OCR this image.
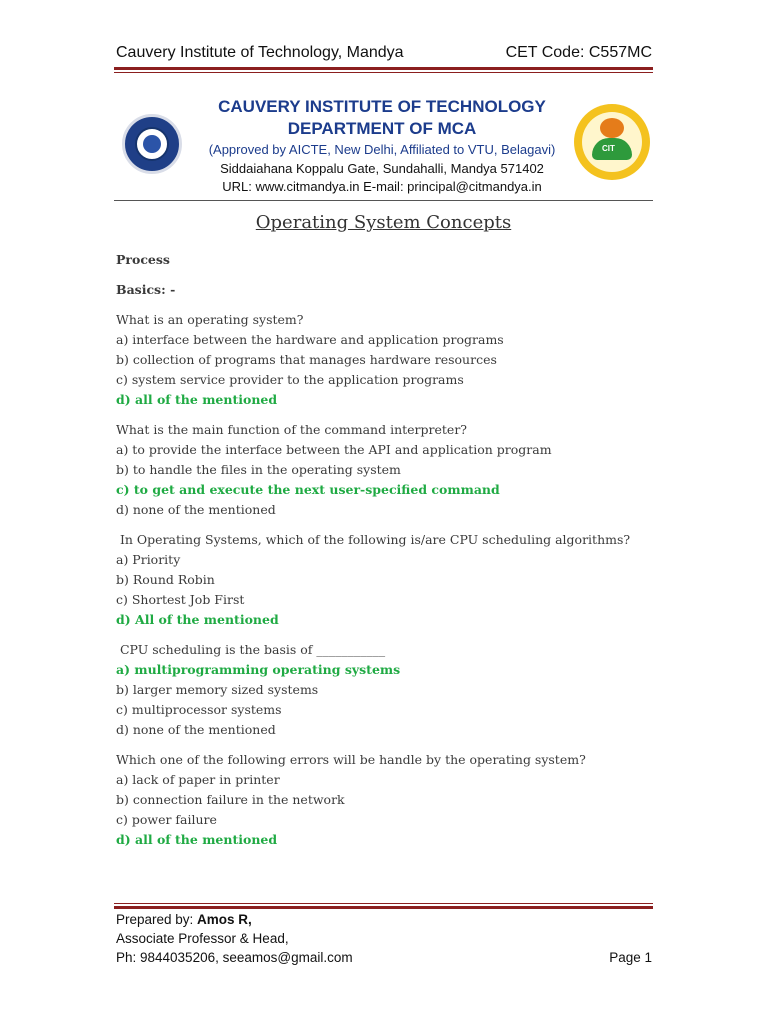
Cauvery Institute of Technology, Mandya	CET Code: C557MC
CAUVERY INSTITUTE OF TECHNOLOGY
DEPARTMENT OF MCA
(Approved by AICTE, New Delhi, Affiliated to VTU, Belagavi)
Siddaiahana Koppalu Gate, Sundahalli, Mandya 571402
URL: www.citmandya.in E-mail: principal@citmandya.in
CIT
Operating System Concepts

Process

Basics: -

What is an operating system?

a) interface between the hardware and application programs

b) collection of programs that manages hardware resources

c) system service provider to the application programs

d) all of the mentioned

What is the main function of the command interpreter?

a) to provide the interface between the API and application program

b) to handle the files in the operating system

c) to get and execute the next user-specified command

d) none of the mentioned

In Operating Systems, which of the following is/are CPU scheduling algorithms?

a) Priority

b) Round Robin

c) Shortest Job First

d) All of the mentioned

CPU scheduling is the basis of ___________

a) multiprogramming operating systems

b) larger memory sized systems

c) multiprocessor systems

d) none of the mentioned

Which one of the following errors will be handle by the operating system?

a) lack of paper in printer

b) connection failure in the network

c) power failure

d) all of the mentioned

Prepared by: Amos R,
Associate Professor & Head,
Ph: 9844035206, seeamos@gmail.com	Page 1
